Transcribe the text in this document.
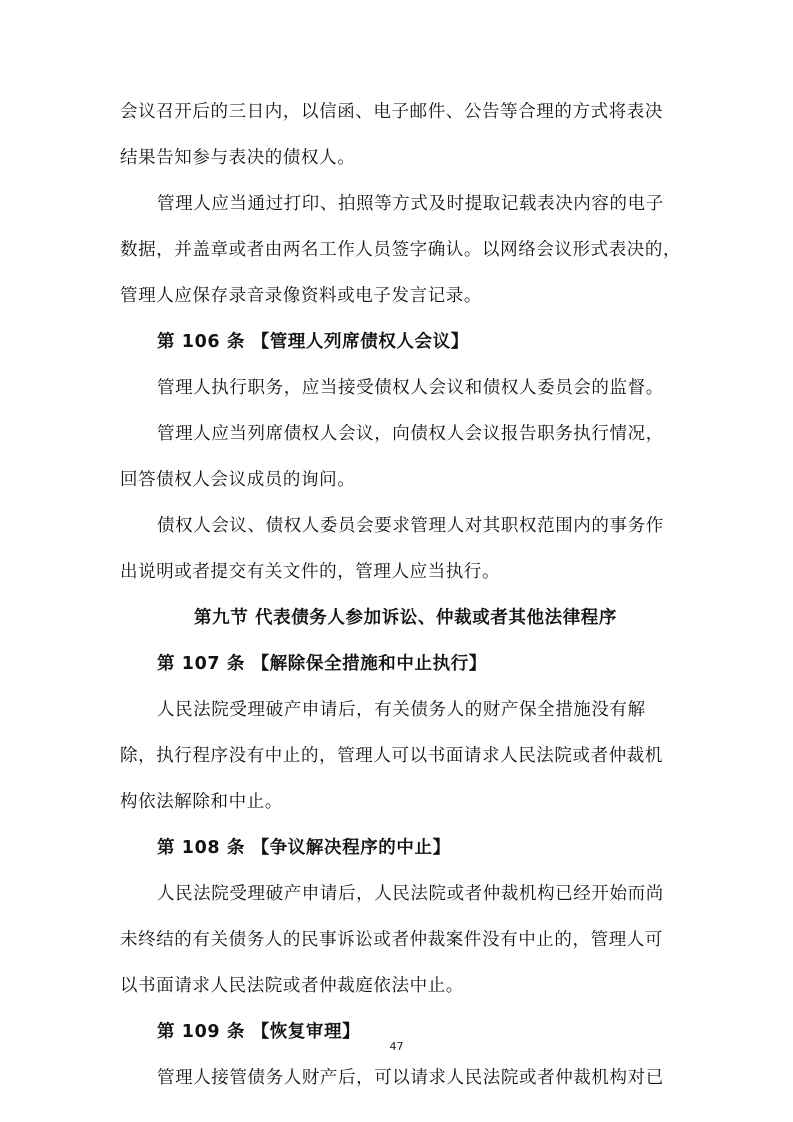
会议召开后的三日内，以信函、电子邮件、公告等合理的方式将表决
结果告知参与表决的债权人。
管理人应当通过打印、拍照等方式及时提取记载表决内容的电子
数据，并盖章或者由两名工作人员签字确认。以网络会议形式表决的，
管理人应保存录音录像资料或电子发言记录。
第 106 条 【管理人列席债权人会议】
管理人执行职务，应当接受债权人会议和债权人委员会的监督。
管理人应当列席债权人会议，向债权人会议报告职务执行情况，
回答债权人会议成员的询问。
债权人会议、债权人委员会要求管理人对其职权范围内的事务作
出说明或者提交有关文件的，管理人应当执行。
第九节 代表债务人参加诉讼、仲裁或者其他法律程序
第 107 条 【解除保全措施和中止执行】
人民法院受理破产申请后，有关债务人的财产保全措施没有解
除，执行程序没有中止的，管理人可以书面请求人民法院或者仲裁机
构依法解除和中止。
第 108 条 【争议解决程序的中止】
人民法院受理破产申请后，人民法院或者仲裁机构已经开始而尚
未终结的有关债务人的民事诉讼或者仲裁案件没有中止的，管理人可
以书面请求人民法院或者仲裁庭依法中止。
第 109 条 【恢复审理】
管理人接管债务人财产后，可以请求人民法院或者仲裁机构对已
47
